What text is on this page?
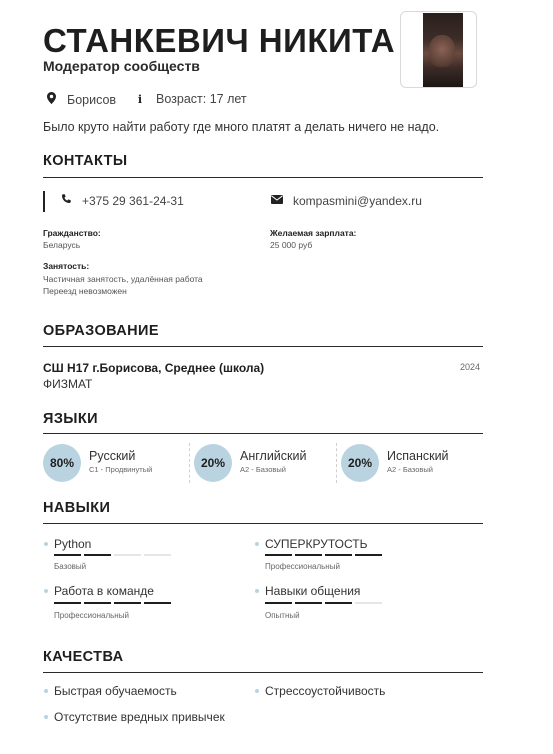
СТАНКЕВИЧ НИКИТА
Модератор сообществ
Борисов	i	Возраст: 17 лет
Было круто найти работу где много платят а делать ничего не надо.
КОНТАКТЫ
+375 29 361-24-31	kompasmini@yandex.ru
Гражданство:
Беларусь
Желаемая зарплата:
25 000 руб
Занятость:
Частичная занятость, удалённая работа
Переезд невозможен
ОБРАЗОВАНИЕ
СШ Н17 г.Борисова, Среднее (школа)	2024
ФИЗМАТ
ЯЗЫКИ
80%
Русский
С1 - Продвинутый	20%
Английский
А2 - Базовый	20%
Испанский
А2 - Базовый
НАВЫКИ
Python
Базовый
СУПЕРКРУТОСТЬ
Профессиональный
Работа в команде
Профессиональный
Навыки общения
Опытный
КАЧЕСТВА
Быстрая обучаемость	Стрессоустойчивость
Отсутствие вредных привычек
